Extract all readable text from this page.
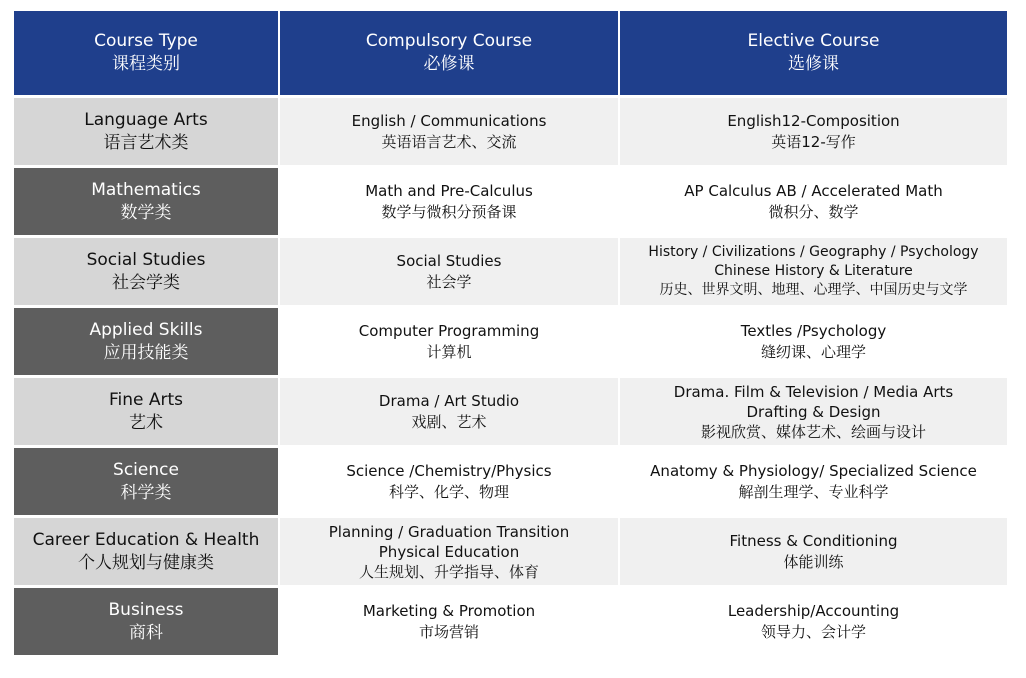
Course Type
课程类别
Compulsory Course
必修课
Elective Course
选修课
Language Arts
语言艺术类
English / Communications
英语语言艺术、交流
English12-Composition
英语12-写作
Mathematics
数学类
Math and Pre-Calculus
数学与微积分预备课
AP Calculus AB / Accelerated Math
微积分、数学
Social Studies
社会学类
Social Studies
社会学
History / Civilizations / Geography / Psychology
Chinese History & Literature
历史、世界文明、地理、心理学、中国历史与文学
Applied Skills
应用技能类
Computer Programming
计算机
Textles /Psychology
缝纫课、心理学
Fine Arts
艺术
Drama / Art Studio
戏剧、艺术
Drama. Film & Television / Media Arts
Drafting & Design
影视欣赏、媒体艺术、绘画与设计
Science
科学类
Science /Chemistry/Physics
科学、化学、物理
Anatomy & Physiology/ Specialized Science
解剖生理学、专业科学
Career Education & Health
个人规划与健康类
Planning / Graduation Transition
Physical Education
人生规划、升学指导、体育
Fitness & Conditioning
体能训练
Business
商科
Marketing & Promotion
市场营销
Leadership/Accounting
领导力、会计学
